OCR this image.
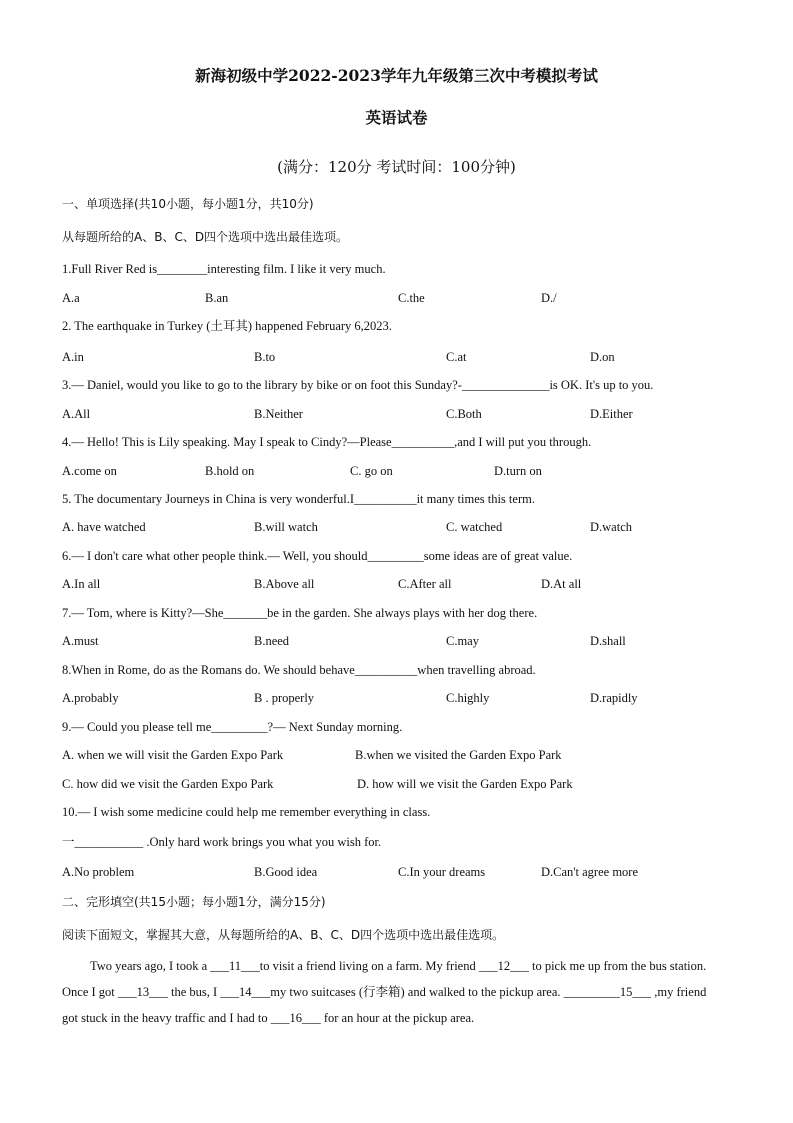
新海初级中学2022-2023学年九年级第三次中考模拟考试
英语试卷
(满分：120分 考试时间：100分钟)
一、单项选择(共10小题，每小题1分，共10分)
从每题所给的A、B、C、D四个选项中选出最佳选项。
1.Full River Red is________interesting film. I like it very much.
A.a	B.an	C.the	D./
2. The earthquake in Turkey (土耳其) happened February 6,2023.
A.in	B.to	C.at	D.on
3.— Daniel, would you like to go to the library by bike or on foot this Sunday?-______________is OK. It's up to you.
A.All	B.Neither	C.Both	D.Either
4.— Hello! This is Lily speaking. May I speak to Cindy?—Please__________,and I will put you through.
A.come on	B.hold on	C. go on	D.turn on
5. The documentary Journeys in China is very wonderful.I__________it many times this term.
A. have watched	B.will watch	C. watched	D.watch
6.— I don't care what other people think.— Well, you should_________some ideas are of great value.
A.In all	B.Above all	C.After all	D.At all
7.— Tom, where is Kitty?—She_______be in the garden. She always plays with her dog there.
A.must	B.need	C.may	D.shall
8.When in Rome, do as the Romans do. We should behave__________when travelling abroad.
A.probably	B . properly	C.highly	D.rapidly
9.— Could you please tell me_________?— Next Sunday morning.
A. when we will visit the Garden Expo Park	B.when we visited the Garden Expo Park
C. how did we visit the Garden Expo Park	D. how will we visit the Garden Expo Park
10.— I wish some medicine could help me remember everything in class.
一___________ .Only hard work brings you what you wish for.
A.No problem	B.Good idea	C.In your dreams	D.Can't agree more
二、完形填空(共15小题；每小题1分，满分15分)
阅读下面短文，掌握其大意，从每题所给的A、B、C、D四个选项中选出最佳选项。

Two years ago, I took a ___11___to visit a friend living on a farm. My friend ___12___ to pick me up from the bus station. Once I got ___13___ the bus, I ___14___my two suitcases (行李箱) and walked to the pickup area. _________15___ ,my friend got stuck in the heavy traffic and I had to ___16___ for an hour at the pickup area.
